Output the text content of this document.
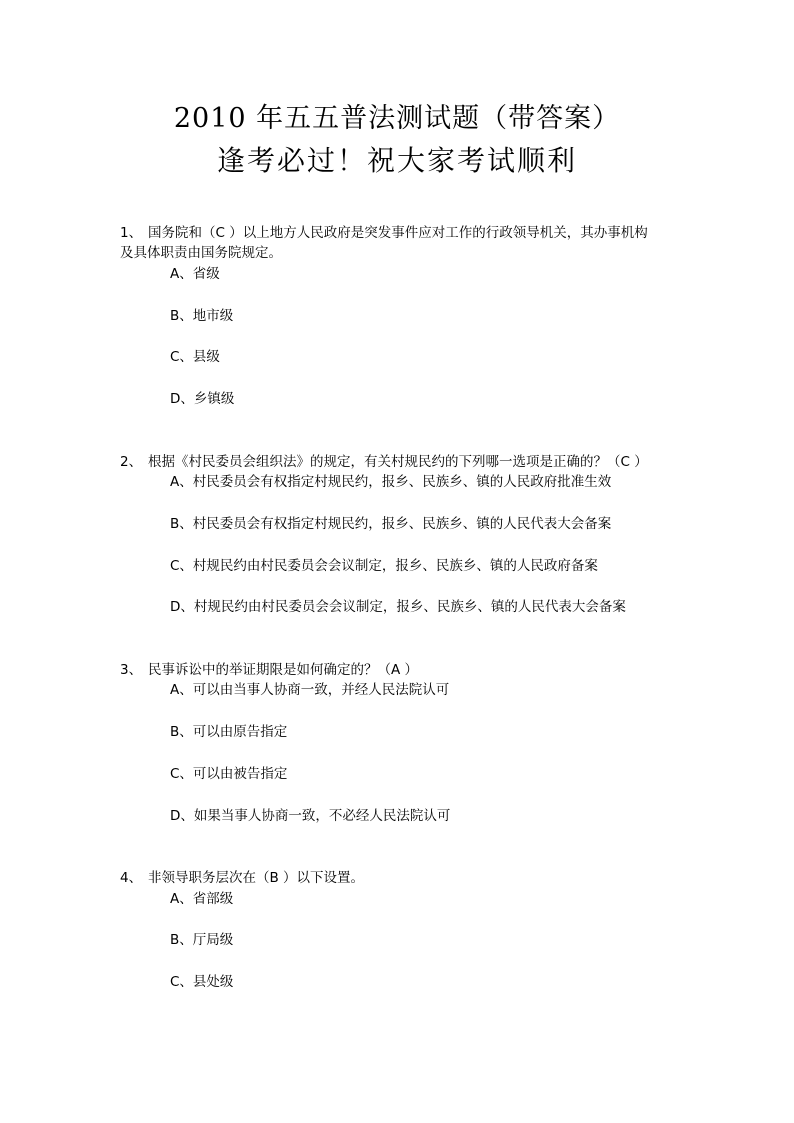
2010 年五五普法测试题（带答案）
逢考必过！祝大家考试顺利
1、 国务院和（C ）以上地方人民政府是突发事件应对工作的行政领导机关，其办事机构
及具体职责由国务院规定。
A、省级
B、地市级
C、县级
D、乡镇级
2、 根据《村民委员会组织法》的规定，有关村规民约的下列哪一选项是正确的？（C ）
A、村民委员会有权指定村规民约，报乡、民族乡、镇的人民政府批准生效
B、村民委员会有权指定村规民约，报乡、民族乡、镇的人民代表大会备案
C、村规民约由村民委员会会议制定，报乡、民族乡、镇的人民政府备案
D、村规民约由村民委员会会议制定，报乡、民族乡、镇的人民代表大会备案
3、 民事诉讼中的举证期限是如何确定的？（A ）
A、可以由当事人协商一致，并经人民法院认可
B、可以由原告指定
C、可以由被告指定
D、如果当事人协商一致，不必经人民法院认可
4、 非领导职务层次在（B ）以下设置。
A、省部级
B、厅局级
C、县处级
